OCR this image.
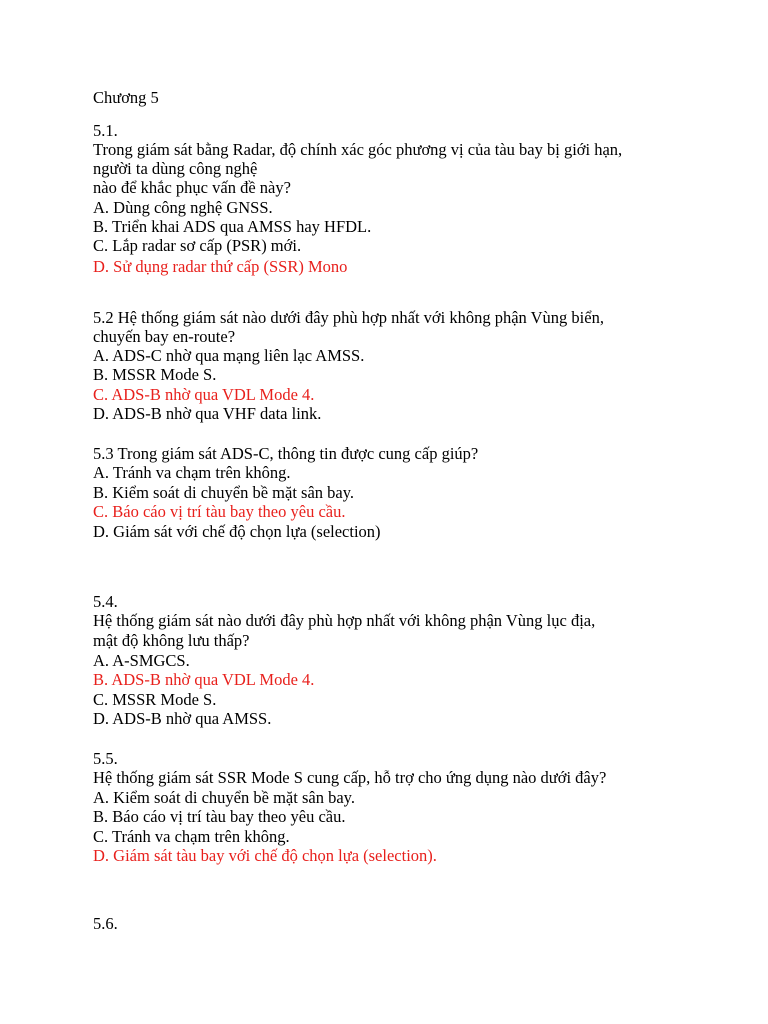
Chương 5
5.1.
Trong giám sát bằng Radar, độ chính xác góc phương vị của tàu bay bị giới hạn,
người ta dùng công nghệ
nào để khắc phục vấn đề này?
A. Dùng công nghệ GNSS.
B. Triển khai ADS qua AMSS hay HFDL.
C. Lắp radar sơ cấp (PSR) mới.
D. Sử dụng radar thứ cấp (SSR) Mono
5.2 Hệ thống giám sát nào dưới đây phù hợp nhất với không phận Vùng biển,
chuyến bay en-route?
A. ADS-C nhờ qua mạng liên lạc AMSS.
B. MSSR Mode S.
C. ADS-B nhờ qua VDL Mode 4.
D. ADS-B nhờ qua VHF data link.
5.3 Trong giám sát ADS-C, thông tin được cung cấp giúp?
A. Tránh va chạm trên không.
B. Kiểm soát di chuyển bề mặt sân bay.
C. Báo cáo vị trí tàu bay theo yêu cầu.
D. Giám sát với chế độ chọn lựa (selection)
5.4.
Hệ thống giám sát nào dưới đây phù hợp nhất với không phận Vùng lục địa,
mật độ không lưu thấp?
A. A-SMGCS.
B. ADS-B nhờ qua VDL Mode 4.
C. MSSR Mode S.
D. ADS-B nhờ qua AMSS.
5.5.
Hệ thống giám sát SSR Mode S cung cấp, hỗ trợ cho ứng dụng nào dưới đây?
A. Kiểm soát di chuyển bề mặt sân bay.
B. Báo cáo vị trí tàu bay theo yêu cầu.
C. Tránh va chạm trên không.
D. Giám sát tàu bay với chế độ chọn lựa (selection).
5.6.
